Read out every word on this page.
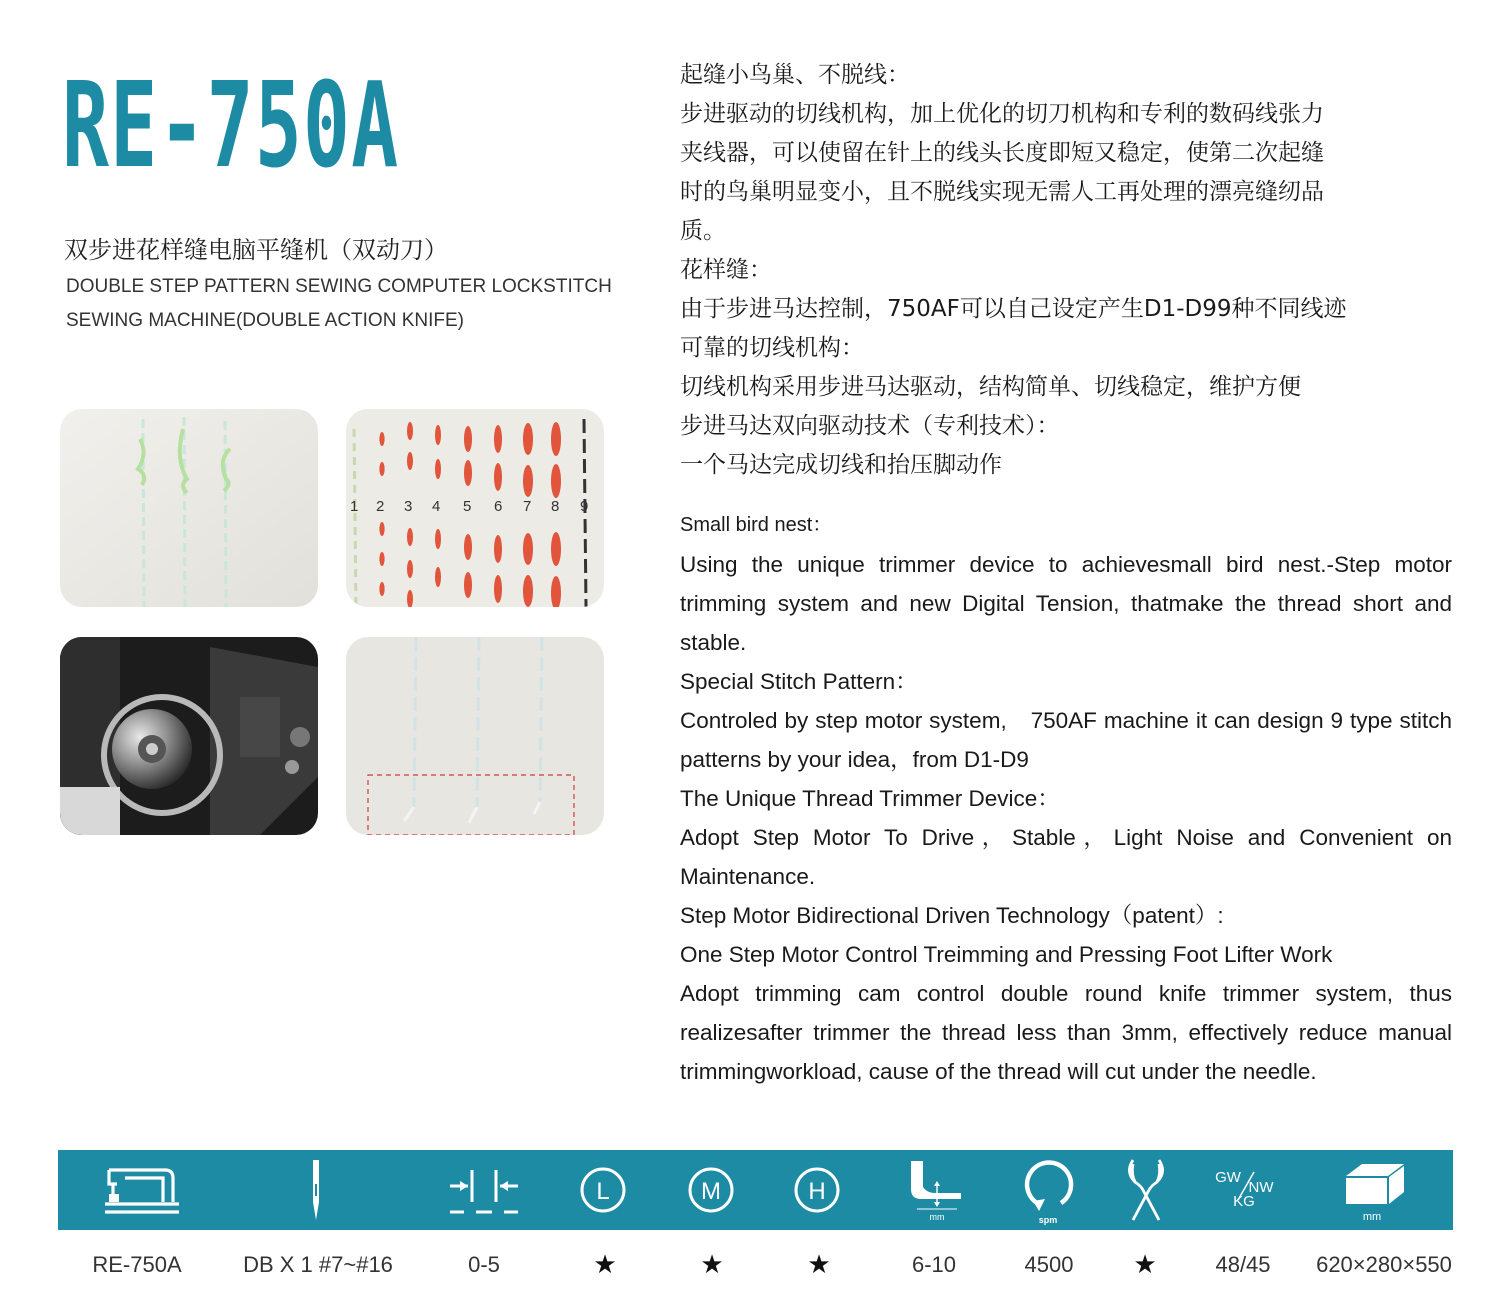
RE-750A
双步进花样缝电脑平缝机（双动刀）
DOUBLE STEP PATTERN SEWING COMPUTER LOCKSTITCH
SEWING MACHINE(DOUBLE ACTION KNIFE)
1 2 3 4 5 6 7 8 9

起缝小鸟巢、不脱线：

步进驱动的切线机构，加上优化的切刀机构和专利的数码线张力

夹线器，可以使留在针上的线头长度即短又稳定，使第二次起缝

时的鸟巢明显变小，且不脱线实现无需人工再处理的漂亮缝纫品

质。

花样缝：

由于步进马达控制，750AF可以自己设定产生D1-D99种不同线迹

可靠的切线机构：

切线机构采用步进马达驱动，结构简单、切线稳定，维护方便

步进马达双向驱动技术（专利技术）：

一个马达完成切线和抬压脚动作

Small bird nest：

Using the unique trimmer device to achievesmall bird nest.-Step motor trimming system and new Digital Tension, thatmake the thread short and stable.

Special Stitch Pattern：

Controled by step motor system,　750AF machine it can design 9 type stitch patterns by your idea，from D1-D9

The Unique Thread Trimmer Device：

Adopt Step Motor To Drive，Stable，Light Noise and Convenient on Maintenance.

Step Motor Bidirectional Driven Technology（patent）:

One Step Motor Control Treimming and Pressing Foot Lifter Work

Adopt trimming cam control double round knife trimmer system, thus realizesafter trimmer the thread less than 3mm, effectively reduce manual trimmingworkload, cause of the thread will cut under the needle.

L	M	H
mm	spm
GW
NW
KG
mm
RE-750A	DB X 1 #7~#16	0-5	★	★	★	6-10	4500 ★	48/45 620×280×550
